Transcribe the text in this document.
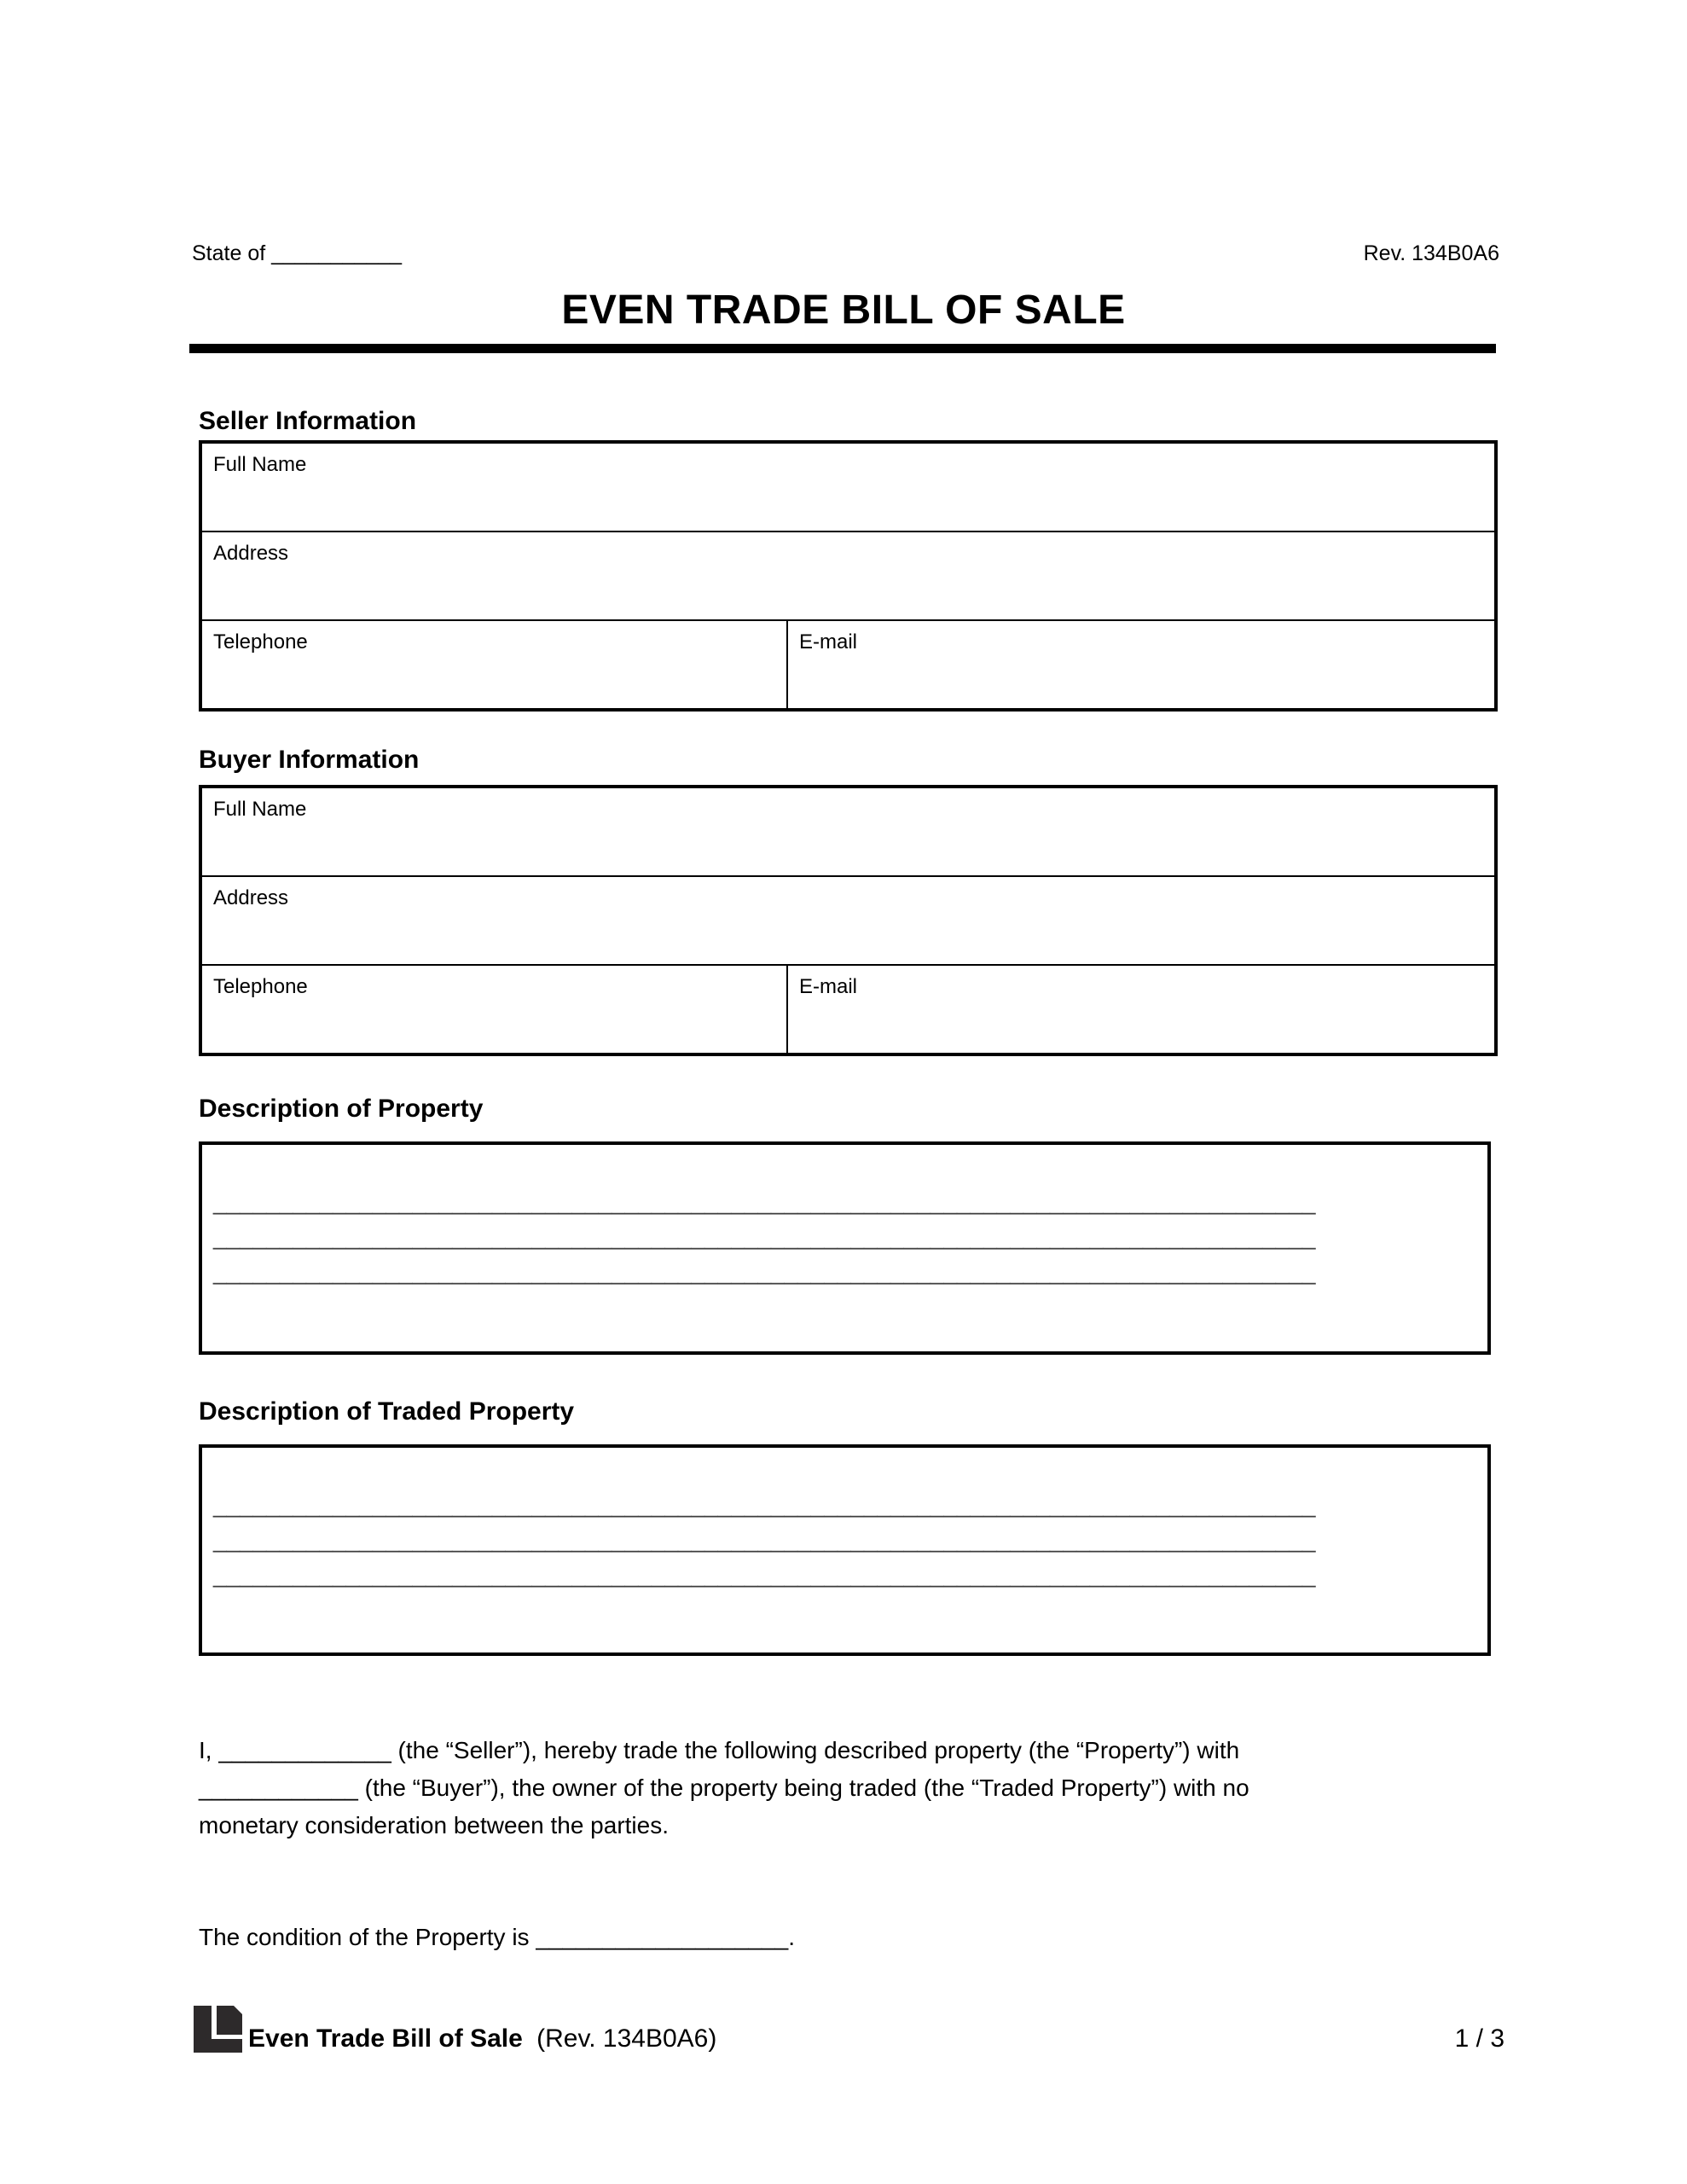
State of ___________	Rev. 134B0A6
EVEN TRADE BILL OF SALE
Seller Information
Full Name
Address
Telephone	E-mail
Buyer Information
Full Name
Address
Telephone	E-mail
Description of Property
___________________________________________________________________________________
___________________________________________________________________________________
___________________________________________________________________________________
Description of Traded Property
___________________________________________________________________________________
___________________________________________________________________________________
___________________________________________________________________________________
I, _____________ (the “Seller”), hereby trade the following described property (the “Property”) with
____________ (the “Buyer”), the owner of the property being traded (the “Traded Property”) with no
monetary consideration between the parties.
The condition of the Property is ___________________.
Even Trade Bill of Sale (Rev. 134B0A6)	1 / 3
